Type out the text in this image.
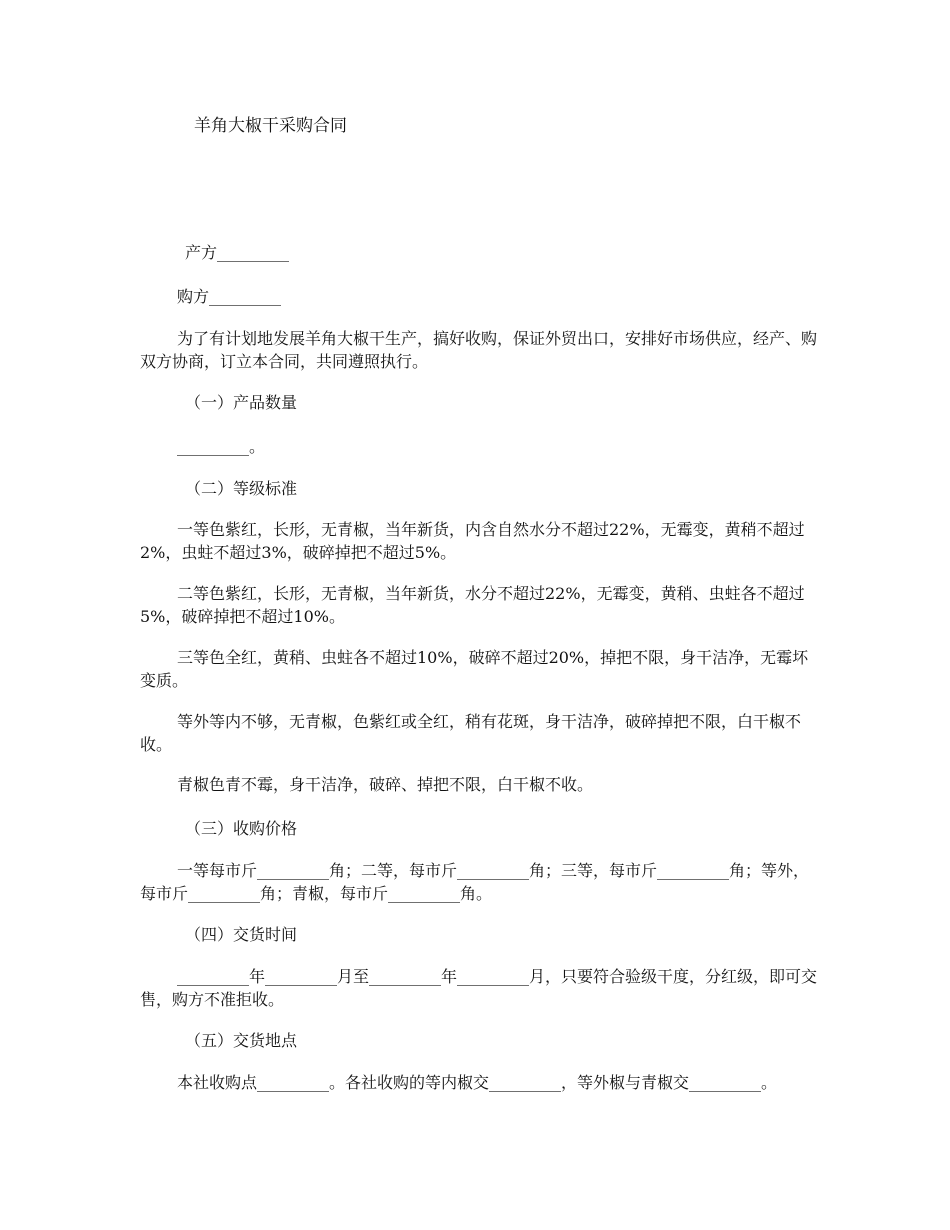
羊角大椒干采购合同
产方_________
购方_________
为了有计划地发展羊角大椒干生产，搞好收购，保证外贸出口，安排好市场供应，经产、购双方协商，订立本合同，共同遵照执行。
（一）产品数量
_________。
（二）等级标准
一等色紫红，长形，无青椒，当年新货，内含自然水分不超过22%，无霉变，黄稍不超过2%，虫蛀不超过3%，破碎掉把不超过5%。
二等色紫红，长形，无青椒，当年新货，水分不超过22%，无霉变，黄稍、虫蛀各不超过5%，破碎掉把不超过10%。
三等色全红，黄稍、虫蛀各不超过10%，破碎不超过20%，掉把不限，身干洁净，无霉坏变质。
等外等内不够，无青椒，色紫红或全红，稍有花斑，身干洁净，破碎掉把不限，白干椒不收。
青椒色青不霉，身干洁净，破碎、掉把不限，白干椒不收。
（三）收购价格
一等每市斤_________角；二等，每市斤_________角；三等，每市斤_________角；等外，每市斤_________角；青椒，每市斤_________角。
（四）交货时间
_________年_________月至_________年_________月，只要符合验级干度，分红级，即可交售，购方不准拒收。
（五）交货地点
本社收购点_________。各社收购的等内椒交_________，等外椒与青椒交_________。
